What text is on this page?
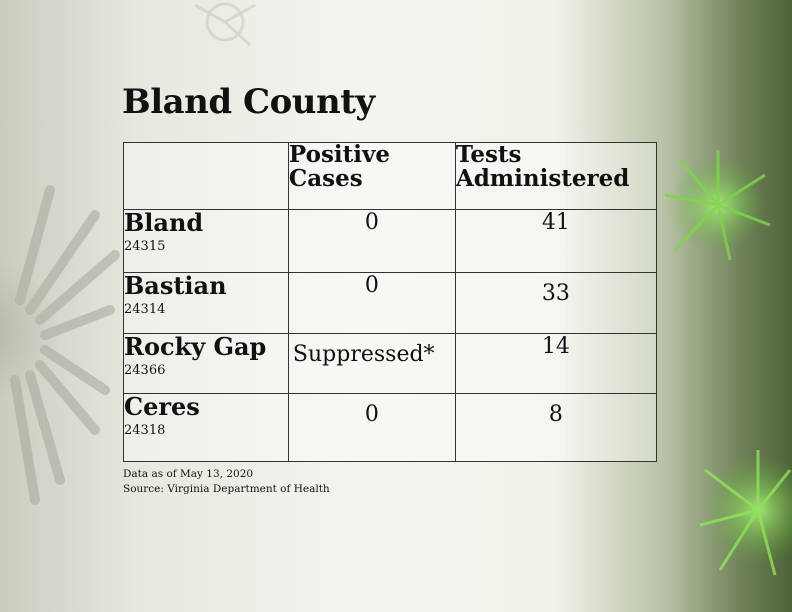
Bland County
	Positive Cases	Tests Administered

Bland
24315	0	41

Bastian
24314	0	33

Rocky Gap
24366	Suppressed*	14

Ceres
24318	0	8
Data as of May 13, 2020
Source: Virginia Department of Health
